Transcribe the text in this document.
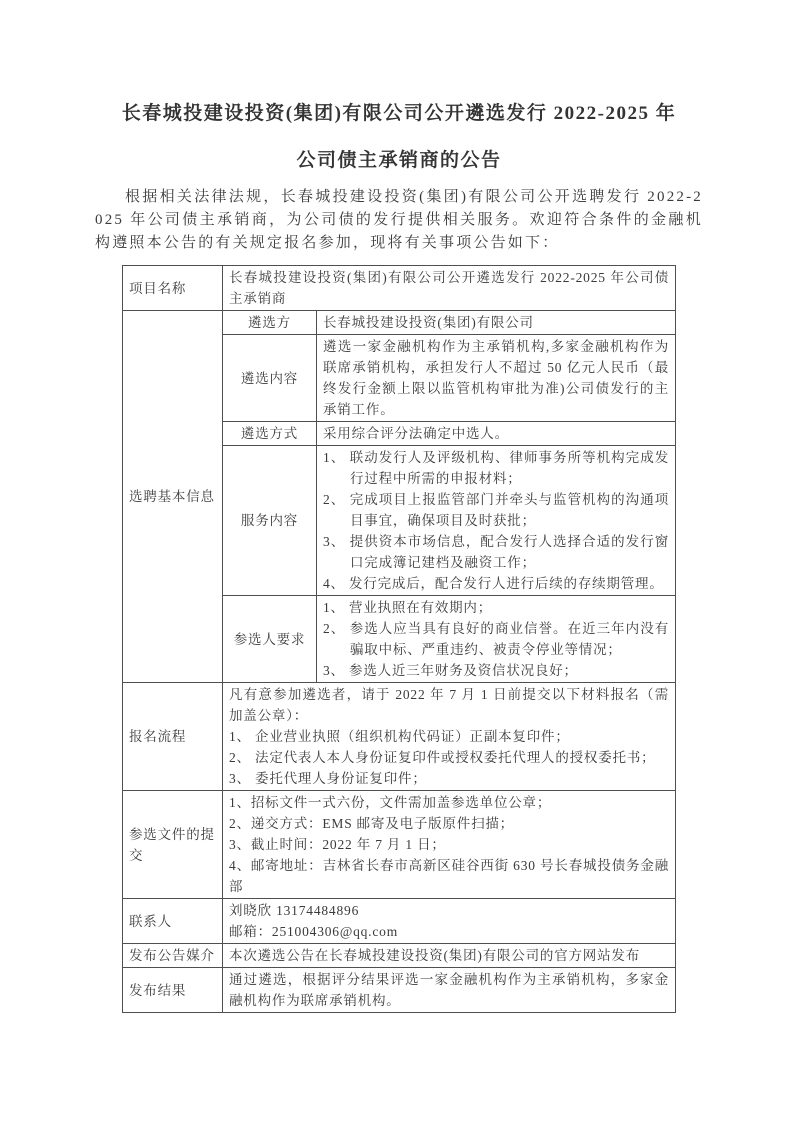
长春城投建设投资(集团)有限公司公开遴选发行 2022-2025 年
公司债主承销商的公告
根据相关法律法规，长春城投建设投资(集团)有限公司公开选聘发行 2022-2025 年公司债主承销商，为公司债的发行提供相关服务。欢迎符合条件的金融机构遵照本公告的有关规定报名参加，现将有关事项公告如下：
项目名称	长春城投建设投资(集团)有限公司公开遴选发行 2022-2025 年公司债主承销商	
选聘基本信息	遴选方	长春城投建设投资(集团)有限公司
	遴选内容	遴选一家金融机构作为主承销机构,多家金融机构作为联席承销机构，承担发行人不超过 50 亿元人民币（最终发行金额上限以监管机构审批为准)公司债发行的主承销工作。
	遴选方式	采用综合评分法确定中选人。
	服务内容	1、 联动发行人及评级机构、律师事务所等机构完成发行过程中所需的申报材料；
2、 完成项目上报监管部门并牵头与监管机构的沟通项目事宜，确保项目及时获批；
3、 提供资本市场信息，配合发行人选择合适的发行窗口完成簿记建档及融资工作；
4、 发行完成后，配合发行人进行后续的存续期管理。

	参选人要求	1、 营业执照在有效期内；
2、 参选人应当具有良好的商业信誉。在近三年内没有骗取中标、严重违约、被责令停业等情况；
3、 参选人近三年财务及资信状况良好；

报名流程	凡有意参加遴选者，请于 2022 年 7 月 1 日前提交以下材料报名（需加盖公章）：
1、 企业营业执照（组织机构代码证）正副本复印件；
2、 法定代表人本人身份证复印件或授权委托代理人的授权委托书；
3、 委托代理人身份证复印件；	

参选文件的提交	1、招标文件一式六份，文件需加盖参选单位公章；
2、递交方式：EMS 邮寄及电子版原件扫描；
3、截止时间：2022 年 7 月 1 日；
4、邮寄地址：吉林省长春市高新区硅谷西街 630 号长春城投债务金融部	

联系人	刘晓欣 13174484896
邮箱：251004306@qq.com	

发布公告媒介	本次遴选公告在长春城投建设投资(集团)有限公司的官方网站发布	
发布结果	通过遴选，根据评分结果评选一家金融机构作为主承销机构，多家金融机构作为联席承销机构。	
